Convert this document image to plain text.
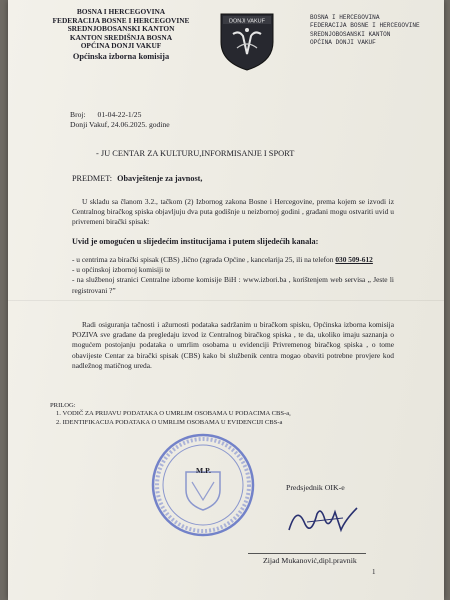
BOSNA I HERCEGOVINA
FEDERACIJA BOSNE I HERCEGOVINE
SREDNJOBOSANSKI KANTON
KANTON SREDIŠNJA BOSNA
OPĆINA DONJI VAKUF
Općinska izborna komisija
DONJI VAKUF
BOSNA I HERCEGOVINA
FEDERACIJA BOSNE I HERCEGOVINE
SREDNJOBOSANSKI KANTON
OPĆINA DONJI VAKUF
Broj: 01-04-22-1/25
Donji Vakuf, 24.06.2025. godine
- JU CENTAR ZA KULTURU,INFORMISANJE I SPORT
PREDMET: Obavještenje za javnost,
U skladu sa članom 3.2., tačkom (2) Izbornog zakona Bosne i Hercegovine, prema kojem se izvodi iz Centralnog biračkog spiska objavljuju dva puta godišnje u neizbornoj godini , građani mogu ostvariti uvid u privremeni birački spisak:
Uvid je omogućen u slijedećim institucijama i putem slijedećih kanala:
- u centrima za birački spisak (CBS) ,lično (zgrada Općine , kancelarija 25, ili na telefon 030 509-612
- u općinskoj izbornoj komisiji te
- na službenoj stranici Centralne izborne komisije BiH : www.izbori.ba , korištenjem web servisa „ Jeste li registrovani ?”
Radi osiguranja tačnosti i ažurnosti podataka sadržanim u biračkom spisku, Općinska izborna komisija POZIVA sve građane da pregledaju izvod iz Centralnog biračkog spiska , te da, ukoliko imaju saznanja o mogućem postojanju podataka o umrlim osobama u evidenciji Privremenog biračkog spiska , o tome obavijeste Centar za birački spisak (CBS) kako bi službenik centra mogao obaviti potrebne provjere kod nadležnog matičnog ureda.
PRILOG:
1. VODIČ ZA PRIJAVU PODATAKA O UMRLIM OSOBAMA U PODACIMA CBS-a,
2. IDENTIFIKACIJA PODATAKA O UMRLIM OSOBAMA U EVIDENCIJI CBS-a
M.P.
Predsjednik OIK-e
Zijad Mukanović,dipl.pravnik
1
